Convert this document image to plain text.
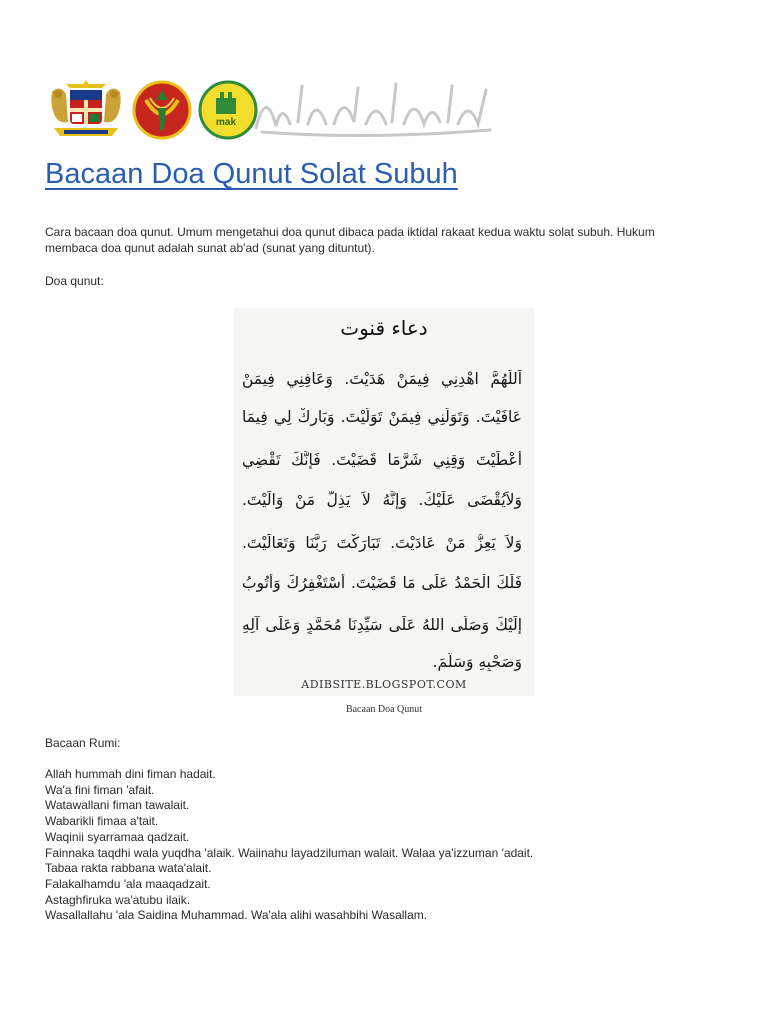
mak
Bacaan Doa Qunut Solat Subuh

Cara bacaan doa qunut. Umum mengetahui doa qunut dibaca pada iktidal rakaat kedua waktu solat subuh. Hukum
membaca doa qunut adalah sunat ab'ad (sunat yang dituntut).

Doa qunut:

دعاء قنوت
اَللّٰهُمَّ اهْدِنِي فِيمَنْ هَدَيْتَ. وَعَافِنِي فِيمَنْ
عَافَيْتَ. وَتَوَلَّنِي فِيمَنْ تَوَلَّيْتَ. وَبَارِكْ لِي فِيمَا
أَعْطَيْتَ وَقِنِي شَرَّمَا قَضَيْتَ. فَإِنَّكَ تَقْضِي
وَلاَيُقْضَى عَلَيْكَ. وَإِنَّهُ لاَ يَذِلُّ مَنْ وَالَيْتَ.
وَلاَ يَعِزُّ مَنْ عَادَيْتَ. تَبَارَكْتَ رَبَّنَا وَتَعَالَيْتَ.
فَلَكَ الْحَمْدُ عَلَى مَا قَضَيْتَ. أَسْتَغْفِرُكَ وَأَتُوبُ
إِلَيْكَ وَصَلَّى اللهُ عَلَى سَيِّدِنَا مُحَمَّدٍ وَعَلَى آلِهِ
وَصَحْبِهِ وَسَلَّمَ.
ADIBSITE.BLOGSPOT.COM
Bacaan Doa Qunut

Bacaan Rumi:

Allah hummah dini fiman hadait.
Wa'a fini fiman 'afait.
Watawallani fiman tawalait.
Wabarikli fimaa a'tait.
Waqinii syarramaa qadzait.
Fainnaka taqdhi wala yuqdha 'alaik. Waiinahu layadziluman walait. Walaa ya'izzuman 'adait.
Tabaa rakta rabbana wata'alait.
Falakalhamdu 'ala maaqadzait.
Astaghfiruka wa'atubu ilaik.
Wasallallahu 'ala Saidina Muhammad. Wa'ala alihi wasahbihi Wasallam.
